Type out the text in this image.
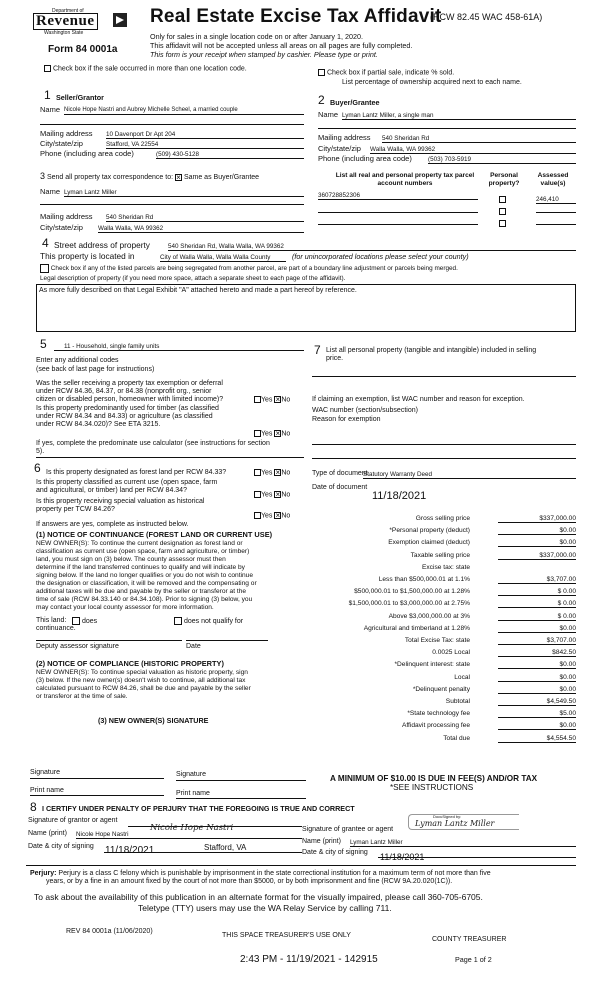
Department of
Revenue
Washington State
Form 84 0001a
Real Estate Excise Tax Affidavit
(RCW 82.45 WAC 458-61A)
Only for sales in a single location code on or after January 1, 2020.
This affidavit will not be accepted unless all areas on all pages are fully completed.
This form is your receipt when stamped by cashier. Please type or print.
Check box if the sale occurred in more than one location code.
Check box if partial sale, indicate % sold.
List percentage of ownership acquired next to each name.
1 Seller/Grantor
Name Nicole Hope Nastri and Aubrey Michelle Scheel, a married couple
Mailing address 10 Davenport Dr Apt 204
City/state/zip	Stafford, VA 22554
Phone (including area code)	(509) 430-5128
2 Buyer/Grantee
Name Lyman Lantz Miller, a single man
Mailing address 540 Sheridan Rd
City/state/zip Walla Walla, WA 99362
Phone (including area code)	(503) 703-5919
3 Send all property tax correspondence to: × Same as Buyer/Grantee
Name Lyman Lantz Miller
Mailing address 540 Sheridan Rd
City/state/zip Walla Walla, WA 99362
List all real and personal property tax parcel account numbers
Personal property?
Assessed value(s)
360728852306
246,410
4 Street address of property	540 Sheridan Rd, Walla Walla, WA 99362
This property is located in	City of Walla Walla, Walla Walla County	(for unincorporated locations please select your county)
Check box if any of the listed parcels are being segregated from another parcel, are part of a boundary line adjustment or parcels being merged.
Legal description of property (if you need more space, attach a separate sheet to each page of the affidavit).
As more fully described on that Legal Exhibit "A" attached hereto and made a part hereof by reference.
5	11 - Household, single family units
Enter any additional codes
(see back of last page for instructions)
Was the seller receiving a property tax exemption or deferral
under RCW 84.36, 84.37, or 84.38 (nonprofit org., senior
citizen or disabled person, homeowner with limited income)?	Yes × No
Is this property predominantly used for timber (as classified
under RCW 84.34 and 84.33) or agriculture (as classified
under RCW 84.34.020)? See ETA 3215.
Yes × No
If yes, complete the predominate use calculator (see instructions for section
5).
6 Is this property designated as forest land per RCW 84.33?	Yes × No
Is this property classified as current use (open space, farm
and agricultural, or timber) land per RCW 84.34?
Yes × No
Is this property receiving special valuation as historical
property per TCW 84.26?
Yes × No
If answers are yes, complete as instructed below.
(1) NOTICE OF CONTINUANCE (FOREST LAND OR CURRENT USE)
NEW OWNER(S): To continue the current designation as forest land or
classification as current use (open space, farm and agriculture, or timber)
land, you must sign on (3) below. The county assessor must then
determine if the land transferred continues to qualify and will indicate by
signing below. If the land no longer qualifies or you do not wish to continue
the designation or classification, it will be removed and the compensating or
additional taxes will be due and payable by the seller or transferor at the
time of sale (RCW 84.33.140 or 84.34.108). Prior to signing (3) below, you
may contact your local county assessor for more information.
This land:
continuance.
does	does not qualify for
Deputy assessor signature	Date
(2) NOTICE OF COMPLIANCE (HISTORIC PROPERTY)
NEW OWNER(S): To continue special valuation as historic property, sign
(3) below. If the new owner(s) doesn't wish to continue, all additional tax
calculated pursuant to RCW 84.26, shall be due and payable by the seller
or transferor at the time of sale.
(3) NEW OWNER(S) SIGNATURE
Signature	Signature
Print name	Print name
7 List all personal property (tangible and intangible) included in selling
price.
If claiming an exemption, list WAC number and reason for exception.
WAC number (section/subsection)
Reason for exemption
Type of document
Statutory Warranty Deed
Date of document
11/18/2021
Gross selling price	$337,000.00
*Personal property (deduct)	$0.00
Exemption claimed (deduct)	$0.00
Taxable selling price	$337,000.00
Excise tax: state
Less than $500,000.01 at 1.1%	$3,707.00
$500,000.01 to $1,500,000.00 at 1.28%	$ 0.00
$1,500,000.01 to $3,000,000.00 at 2.75%	$ 0.00
Above $3,000,000.00 at 3%	$ 0.00
Agricultural and timberland at 1.28%	$0.00
Total Excise Tax: state	$3,707.00
0.0025 Local	$842.50
*Delinquent interest: state	$0.00
Local	$0.00
*Delinquent penalty	$0.00
Subtotal	$4,549.50
*State technology fee	$5.00
Affidavit processing fee	$0.00
Total due	$4,554.50
A MINIMUM OF $10.00 IS DUE IN FEE(S) AND/OR TAX
*SEE INSTRUCTIONS
8 I CERTIFY UNDER PENALTY OF PERJURY THAT THE FOREGOING IS TRUE AND CORRECT
Signature of grantor or agent
Nicole Hope Nastri
Name (print) Nicole Hope Nastri
Date & city of signing 11/18/2021	Stafford, VA
Signature of grantee or agent
DocuSigned by:
Lyman Lantz Miller
Name (print) Lyman Lantz Miller
Date & city of signing 11/18/2021
Perjury: Perjury is a class C felony which is punishable by imprisonment in the state correctional institution for a maximum term of not more than five
years, or by a fine in an amount fixed by the court of not more than $5000, or by both imprisonment and fine (RCW 9A.20.020(1C)).
To ask about the availability of this publication in an alternate format for the visually impaired, please call 360-705-6705.
Teletype (TTY) users may use the WA Relay Service by calling 711.
REV 84 0001a (11/06/2020)
THIS SPACE TREASURER'S USE ONLY
COUNTY TREASURER
2:43 PM - 11/19/2021 - 142915	Page 1 of 2
